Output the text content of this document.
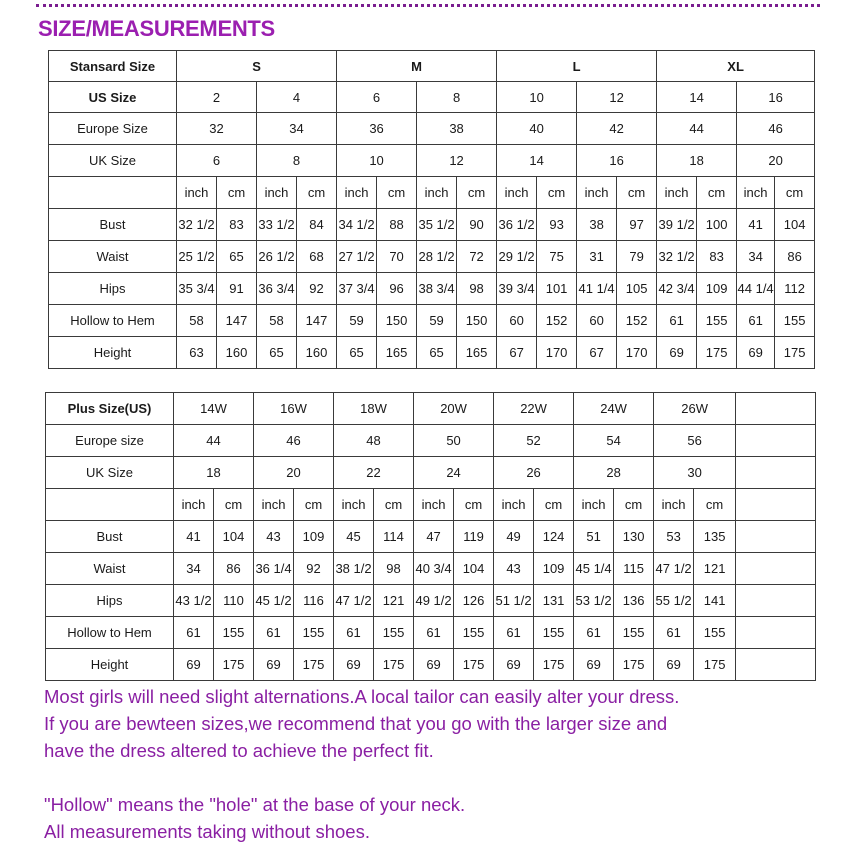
SIZE/MEASUREMENTS
Stansard Size	S				M				L				XL			
US Size	2		4		6		8		10		12		14		16	
Europe Size	32		34		36		38		40		42		44		46	
UK Size	6		8		10		12		14		16		18		20	
	inch	cm	inch	cm	inch	cm	inch	cm	inch	cm	inch	cm	inch	cm	inch	cm
Bust	32 1/2	83	33 1/2	84	34 1/2	88	35 1/2	90	36 1/2	93	38	97	39 1/2	100	41	104
Waist	25 1/2	65	26 1/2	68	27 1/2	70	28 1/2	72	29 1/2	75	31	79	32 1/2	83	34	86
Hips	35 3/4	91	36 3/4	92	37 3/4	96	38 3/4	98	39 3/4	101	41 1/4	105	42 3/4	109	44 1/4	112
Hollow to Hem	58	147	58	147	59	150	59	150	60	152	60	152	61	155	61	155
Height	63	160	65	160	65	165	65	165	67	170	67	170	69	175	69	175
Plus Size(US)	14W		16W		18W		20W		22W		24W		26W		
Europe size	44		46		48		50		52		54		56		
UK Size	18		20		22		24		26		28		30		
	inch	cm	inch	cm	inch	cm	inch	cm	inch	cm	inch	cm	inch	cm	
Bust	41	104	43	109	45	114	47	119	49	124	51	130	53	135	
Waist	34	86	36 1/4	92	38 1/2	98	40 3/4	104	43	109	45 1/4	115	47 1/2	121	
Hips	43 1/2	110	45 1/2	116	47 1/2	121	49 1/2	126	51 1/2	131	53 1/2	136	55 1/2	141	
Hollow to Hem	61	155	61	155	61	155	61	155	61	155	61	155	61	155	
Height	69	175	69	175	69	175	69	175	69	175	69	175	69	175	

Most girls will need slight alternations.A local tailor can easily alter your dress.

If you are bewteen sizes,we recommend that you go with the larger size and

have the dress altered to achieve the perfect fit.

"Hollow" means the "hole" at the base of your neck.

All measurements taking without shoes.
